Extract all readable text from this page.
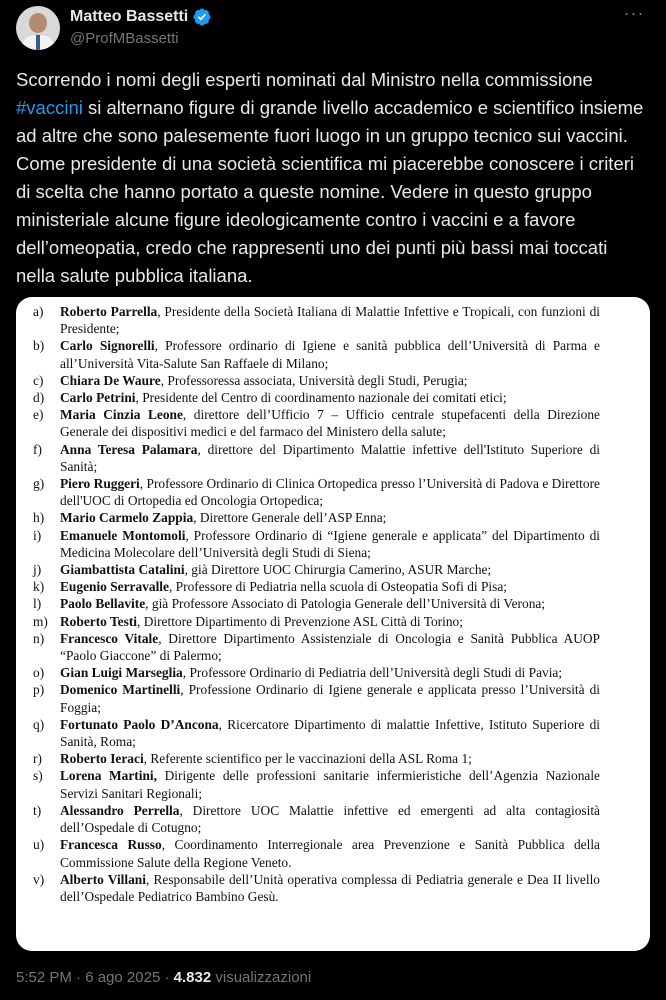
Matteo Bassetti
@ProfMBassetti
···
Scorrendo i nomi degli esperti nominati dal Ministro nella commissione #vaccini si alternano figure di grande livello accademico e scientifico insieme ad altre che sono palesemente fuori luogo in un gruppo tecnico sui vaccini. Come presidente di una società scientifica mi piacerebbe conoscere i criteri di scelta che hanno portato a queste nomine. Vedere in questo gruppo ministeriale alcune figure ideologicamente contro i vaccini e a favore dell’omeopatia, credo che rappresenti uno dei punti più bassi mai toccati nella salute pubblica italiana.
a)	Roberto Parrella, Presidente della Società Italiana di Malattie Infettive e Tropicali, con funzioni di Presidente;
b)	Carlo Signorelli, Professore ordinario di Igiene e sanità pubblica dell’Università di Parma e all’Università Vita-Salute San Raffaele di Milano;
c)	Chiara De Waure, Professoressa associata, Università degli Studi, Perugia;
d)	Carlo Petrini, Presidente del Centro di coordinamento nazionale dei comitati etici;
e)	Maria Cinzia Leone, direttore dell’Ufficio 7 – Ufficio centrale stupefacenti della Direzione Generale dei dispositivi medici e del farmaco del Ministero della salute;
f)	Anna Teresa Palamara, direttore del Dipartimento Malattie infettive dell'Istituto Superiore di Sanità;
g)	Piero Ruggeri, Professore Ordinario di Clinica Ortopedica presso l’Università di Padova e Direttore dell'UOC di Ortopedia ed Oncologia Ortopedica;
h)	Mario Carmelo Zappia, Direttore Generale dell’ASP Enna;
i)	Emanuele Montomoli, Professore Ordinario di “Igiene generale e applicata” del Dipartimento di Medicina Molecolare dell’Università degli Studi di Siena;
j)	Giambattista Catalini, già Direttore UOC Chirurgia Camerino, ASUR Marche;
k)	Eugenio Serravalle, Professore di Pediatria nella scuola di Osteopatia Sofi di Pisa;
l)	Paolo Bellavite, già Professore Associato di Patologia Generale dell’Università di Verona;
m) Roberto Testi, Direttore Dipartimento di Prevenzione ASL Città di Torino;
n)	Francesco Vitale, Direttore Dipartimento Assistenziale di Oncologia e Sanità Pubblica AUOP “Paolo Giaccone” di Palermo;
o)	Gian Luigi Marseglia, Professore Ordinario di Pediatria dell’Università degli Studi di Pavia;
p)	Domenico Martinelli, Professione Ordinario di Igiene generale e applicata presso l’Università di Foggia;
q)	Fortunato Paolo D’Ancona, Ricercatore Dipartimento di malattie Infettive, Istituto Superiore di Sanità, Roma;
r)	Roberto Ieraci, Referente scientifico per le vaccinazioni della ASL Roma 1;
s)	Lorena Martini, Dirigente delle professioni sanitarie infermieristiche dell’Agenzia Nazionale Servizi Sanitari Regionali;
t)	Alessandro Perrella, Direttore UOC Malattie infettive ed emergenti ad alta contagiosità dell’Ospedale di Cotugno;
u)	Francesca Russo, Coordinamento Interregionale area Prevenzione e Sanità Pubblica della Commissione Salute della Regione Veneto.
v)	Alberto Villani, Responsabile dell’Unità operativa complessa di Pediatria generale e Dea II livello dell’Ospedale Pediatrico Bambino Gesù.
5:52 PM · 6 ago 2025 · 4.832 visualizzazioni
